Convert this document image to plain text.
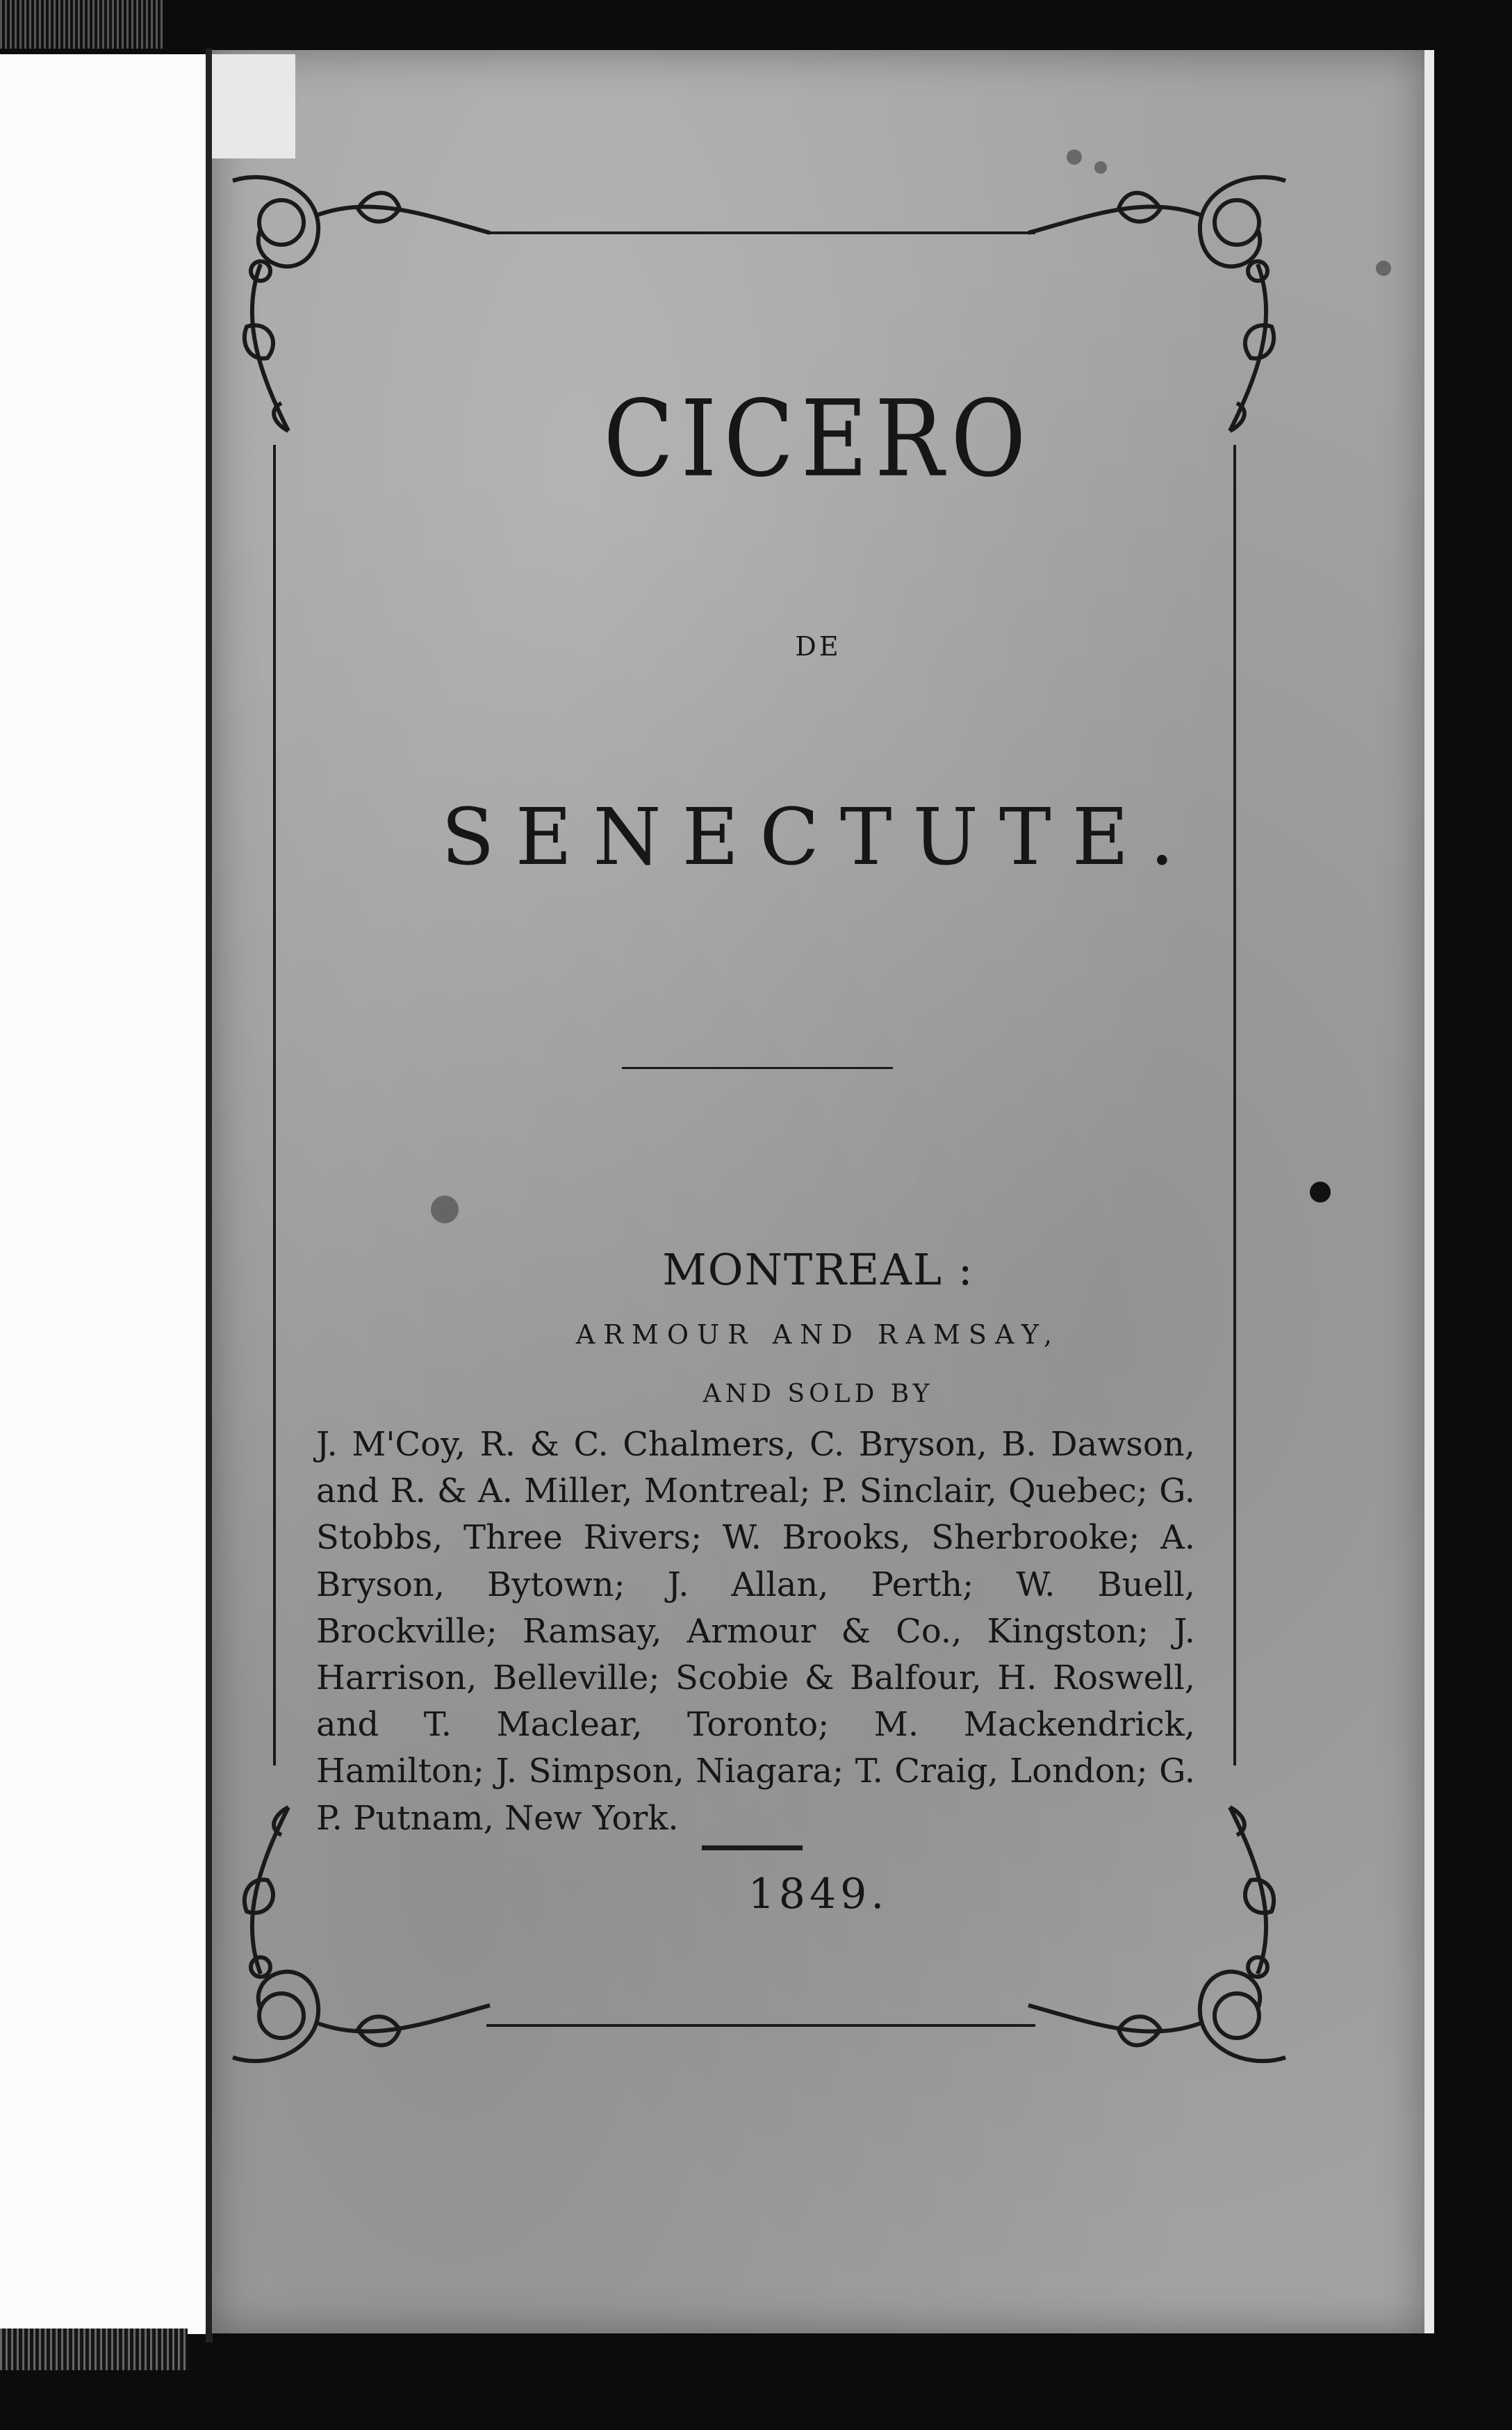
CICERO
DE
SENECTUTE.
MONTREAL :
ARMOUR AND RAMSAY,
AND SOLD BY
J. M'Coy, R. & C. Chalmers, C. Bryson, B. Dawson, and R. & A. Miller, Montreal; P. Sinclair, Quebec; G. Stobbs, Three Rivers; W. Brooks, Sherbrooke; A. Bryson, Bytown; J. Allan, Perth; W. Buell, Brockville; Ramsay, Armour & Co., Kingston; J. Harrison, Belleville; Scobie & Balfour, H. Roswell, and T. Maclear, Toronto; M. Mackendrick, Hamilton; J. Simpson, Niagara; T. Craig, London; G. P. Putnam, New York.
1849.
